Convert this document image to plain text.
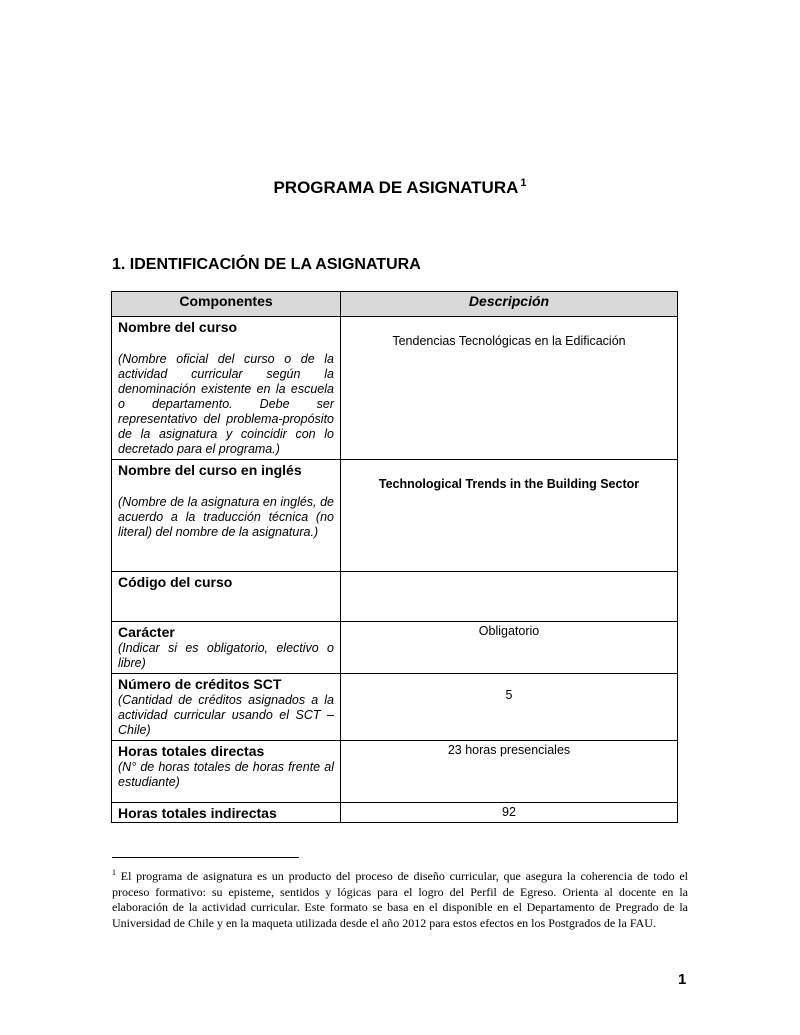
PROGRAMA DE ASIGNATURA $^1$
1. IDENTIFICACIÓN DE LA ASIGNATURA
Componentes	Descripción

Nombre del curso
(Nombre oficial del curso o de la actividad curricular según la denominación existente en la escuela o departamento. Debe ser representativo del problema-propósito de la asignatura y coincidir con lo decretado para el programa.)	Tendencias Tecnológicas en la Edificación

Nombre del curso en inglés
(Nombre de la asignatura en inglés, de acuerdo a la traducción técnica (no literal) del nombre de la asignatura.)	Technological Trends in the Building Sector

Código del curso	

Carácter
(Indicar si es obligatorio, electivo o libre)	Obligatorio

Número de créditos SCT
(Cantidad de créditos asignados a la actividad curricular usando el SCT – Chile)	5

Horas totales directas
(N° de horas totales de horas frente al estudiante)	23 horas presenciales

Horas totales indirectas	92
$^1$ El programa de asignatura es un producto del proceso de diseño curricular, que asegura la coherencia de todo el proceso formativo: su episteme, sentidos y lógicas para el logro del Perfil de Egreso. Orienta al docente en la elaboración de la actividad curricular. Este formato se basa en el disponible en el Departamento de Pregrado de la Universidad de Chile y en la maqueta utilizada desde el año 2012 para estos efectos en los Postgrados de la FAU.
1
